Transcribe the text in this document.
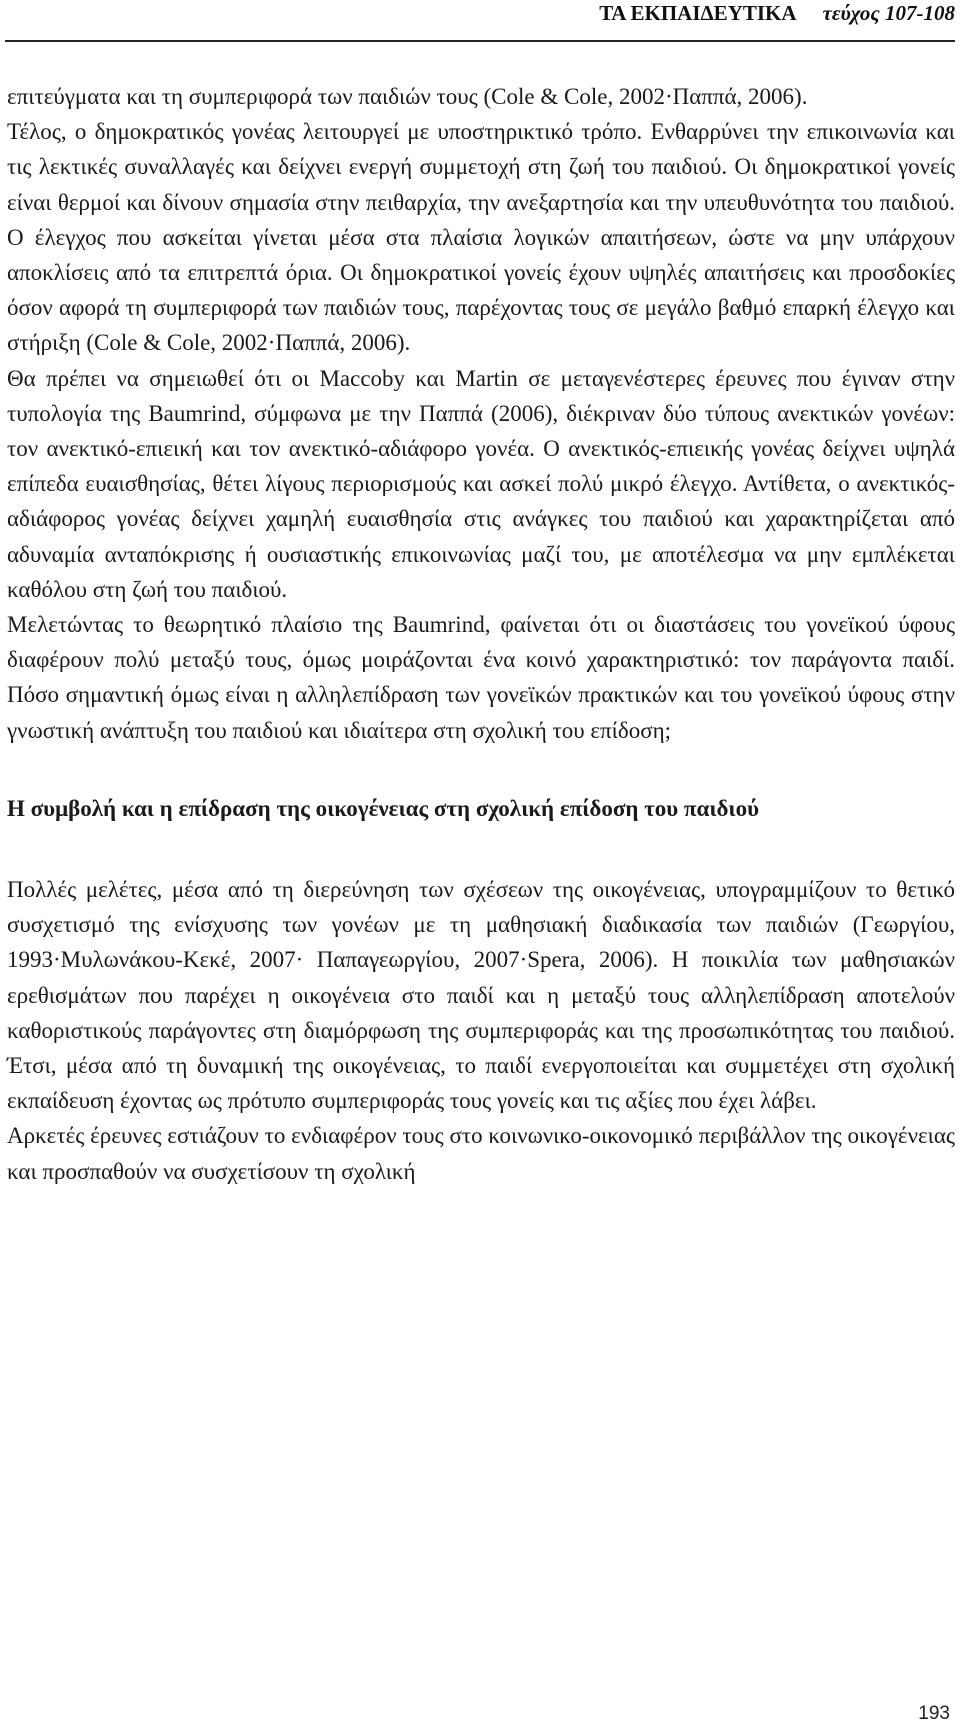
ΤΑ ΕΚΠΑΙΔΕΥΤΙΚΑ τεύχος 107-108

επιτεύγματα και τη συμπεριφορά των παιδιών τους (Cole & Cole, 2002·Παππά, 2006).

Τέλος, ο δημοκρατικός γονέας λειτουργεί με υποστηρικτικό τρόπο. Ενθαρρύνει την επικοινωνία και τις λεκτικές συναλλαγές και δείχνει ενεργή συμμετοχή στη ζωή του παιδιού. Οι δημοκρατικοί γονείς είναι θερμοί και δίνουν σημασία στην πειθαρχία, την ανεξαρτησία και την υπευθυνότητα του παιδιού. Ο έλεγχος που ασκείται γίνεται μέσα στα πλαίσια λογικών απαιτήσεων, ώστε να μην υπάρχουν αποκλίσεις από τα επιτρεπτά όρια. Οι δημοκρατικοί γονείς έχουν υψηλές απαιτήσεις και προσδοκίες όσον αφορά τη συμπεριφορά των παιδιών τους, παρέχοντας τους σε μεγάλο βαθμό επαρκή έλεγχο και στήριξη (Cole & Cole, 2002·Παππά, 2006).

Θα πρέπει να σημειωθεί ότι οι Maccoby και Martin σε μεταγενέστερες έρευνες που έγιναν στην τυπολογία της Baumrind, σύμφωνα με την Παππά (2006), διέκριναν δύο τύπους ανεκτικών γονέων: τον ανεκτικό-επιεική και τον ανεκτικό-αδιάφορο γονέα. Ο ανεκτικός-επιεικής γονέας δείχνει υψηλά επίπεδα ευαισθησίας, θέτει λίγους περιορισμούς και ασκεί πολύ μικρό έλεγχο. Αντίθετα, ο ανεκτικός-αδιάφορος γονέας δείχνει χαμηλή ευαισθησία στις ανάγκες του παιδιού και χαρακτηρίζεται από αδυναμία ανταπόκρισης ή ουσιαστικής επικοινωνίας μαζί του, με αποτέλεσμα να μην εμπλέκεται καθόλου στη ζωή του παιδιού.

Μελετώντας το θεωρητικό πλαίσιο της Baumrind, φαίνεται ότι οι διαστάσεις του γονεϊκού ύφους διαφέρουν πολύ μεταξύ τους, όμως μοιράζονται ένα κοινό χαρακτηριστικό: τον παράγοντα παιδί. Πόσο σημαντική όμως είναι η αλληλεπίδραση των γονεϊκών πρακτικών και του γονεϊκού ύφους στην γνωστική ανάπτυξη του παιδιού και ιδιαίτερα στη σχολική του επίδοση;

Η συμβολή και η επίδραση της οικογένειας στη σχολική επίδοση του παιδιού

Πολλές μελέτες, μέσα από τη διερεύνηση των σχέσεων της οικογένειας, υπογραμμίζουν το θετικό συσχετισμό της ενίσχυσης των γονέων με τη μαθησιακή διαδικασία των παιδιών (Γεωργίου, 1993·Μυλωνάκου-Κεκέ, 2007· Παπαγεωργίου, 2007·Spera, 2006). Η ποικιλία των μαθησιακών ερεθισμάτων που παρέχει η οικογένεια στο παιδί και η μεταξύ τους αλληλεπίδραση αποτελούν καθοριστικούς παράγοντες στη διαμόρφωση της συμπεριφοράς και της προσωπικότητας του παιδιού. Έτσι, μέσα από τη δυναμική της οικογένειας, το παιδί ενεργοποιείται και συμμετέχει στη σχολική εκπαίδευση έχοντας ως πρότυπο συμπεριφοράς τους γονείς και τις αξίες που έχει λάβει.

Αρκετές έρευνες εστιάζουν το ενδιαφέρον τους στο κοινωνικο-οικονομικό περιβάλλον της οικογένειας και προσπαθούν να συσχετίσουν τη σχολική

193
